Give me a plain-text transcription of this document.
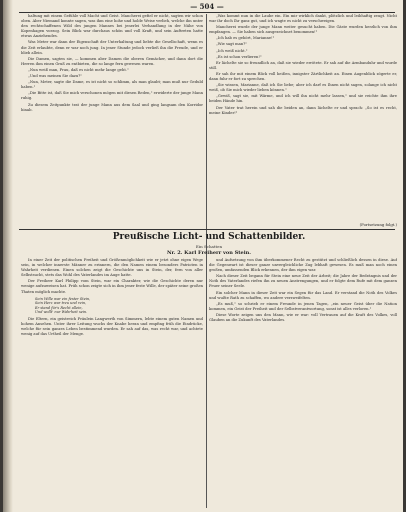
— 504 —

haltung mit einem Gefühle voll Macht und Geist. Mancherei gefiel er nicht, sagten wir schon oben. Aber Niemand konnte sagen, was ihm eine hohe und holde Weise verlieh, welche ihn unter den rechtschaffenen Wild des jungen Mannes bei jenerlei Verhandlung in der Nähe von Kopenhagen vorzog. Sein Blick war durchaus schön und voll Kraft, und sein Auftreten hatte etwas Anziehendes.

Was Meter war dann der Eigenschaft der Unterhaltung und liebte die Gesellschaft, wenn es die Zeit erlaubte, denn er war noch jung. In jener Stunde jedoch verließ ihn die Freude, und er blieb allein.

Die Damen, sagten sie, — kommen aber Damen die oberen Gemächer, und dann dort die Herren ihm einen Gruß zu entbieten, die so lange fern gewesen waren.

„Nun weiß man, Frau, daß es nicht mehr lange geht."

„Und was meinen Sie dazu?"

„Nun, Meter, sagte die Dame, es ist nicht so schlimm, als man glaubt; man muß nur Geduld haben."

„Die Bitte ist, daß Sie mich verschonen mögen mit diesen Reden," erwiderte der junge Mann ruhig.

Zu diesem Zeitpunkte trat der junge Mann aus dem Saal und ging langsam den Korridor hinab.

„Was kommt nun in die Laube ein. Ein mir wirklich dankt, plötzlich und leibhaftig zeugt. Nicht war ihr doch Ihr ganz gut, und ich wagte es nicht zu verschweigen.

Mancherei wurde der junge Mann weiter gesucht haben. Die Gäste wurden herzlich von ihm empfangen. — Sie haben sich ausgezeichnet benommen!"

„Ich hab es gehört, Marianne!"

„Wie sagt man?"

„Ich weiß nicht."

„Es ist schon verlieren!"

Er lächelte sie so freundlich an, daß sie wieder errötete. Er sah auf die Armbanduhr und wurde still.

Er sah ihr mit einem Blick voll heißen, innigster Zärtlichkeit an. Einen Augenblick zögerte er, dann fuhr er fort zu sprechen.

„Sie wissen, Marianne, daß ich Sie liebe; aber ich darf es Ihnen nicht sagen, solange ich nicht weiß, ob Sie mich wieder lieben können."

„Gewiß, sagt sie, mit Wärme, und ich will ihn nicht mehr lassen," und sie reichte ihm ihre beiden Hände hin.

Der Vater trat herein und sah die beiden an, dann lächelte er und sprach: „So ist es recht, meine Kinder!"

(Fortsetzung folgt.)
Preußische Licht- und Schattenbilder.
Ein Schatten
Nr. 2. Karl Freiherr von Stein.

In einer Zeit der politischen Freiheit und Größenmöglichkeit wie er jetzt ohne eigen Wege sein, in welcher innerste Männer zu erinnern, die den Namen einem besonders Patrioten in Wahrheit verdienen. Einen solchen zeigt die Geschichte uns in Stein, der, fern von aller Selbstsucht, stets das Wohl des Vaterlandes im Auge hatte.

Der Freiherr Karl Philipp vom Stein, war ein Charakter, wie die Geschichte deren nur wenige aufzuweisen hat. Früh schon zeigte sich in ihm jener feste Wille, der später seine großen Thaten möglich machte.

Sein Wille war ein fester Stein,
Sein Herz war treu und rein,
Er stand für's Recht allein,
Und wollt' nur Wahrheit sein.

Die Eltern, ein geistreich Fräulein Langwerth von Simmern, lebte einem guten Namen und hohem Ansehen. Unter ihrer Leitung wuchs der Knabe heran und empfing früh die Eindrücke, welche für sein ganzes Leben bestimmend wurden. Er sah auf das, was recht war, und achtete wenig auf das Urtheil der Menge.

und Aufsetzung von ihm überkommener Recht zu gestützt und schließlich dessen in diese. Auf die Gegenwart ist dieser ganze unvergleichliche Zug lebhaft gewesen. Es muß man noch einen großen, umfassenden Blick erkennen, der ihm eigen war.

Nach dieser Zeit begann für Stein eine neue Zeit der Arbeit; die Jahre der Bedrängnis und der Noth des Vaterlandes riefen ihn zu neuen Anstrengungen, und er folgte dem Rufe mit dem ganzen Feuer seiner Seele.

Ein solcher Mann in dieser Zeit war ein Segen für das Land. Er verstand die Noth des Volkes und wußte Rath zu schaffen, wo andere verzweifelten.

„Es muß," so schrieb er einem Freunde in jenen Tagen, „ein neuer Geist über die Nation kommen, ein Geist der Freiheit und der Selbstverantwortung, sonst ist alles verloren."

Diese Worte zeigen uns den Mann, wie er war: voll Vertrauen auf die Kraft des Volkes, voll Glauben an die Zukunft des Vaterlandes.
